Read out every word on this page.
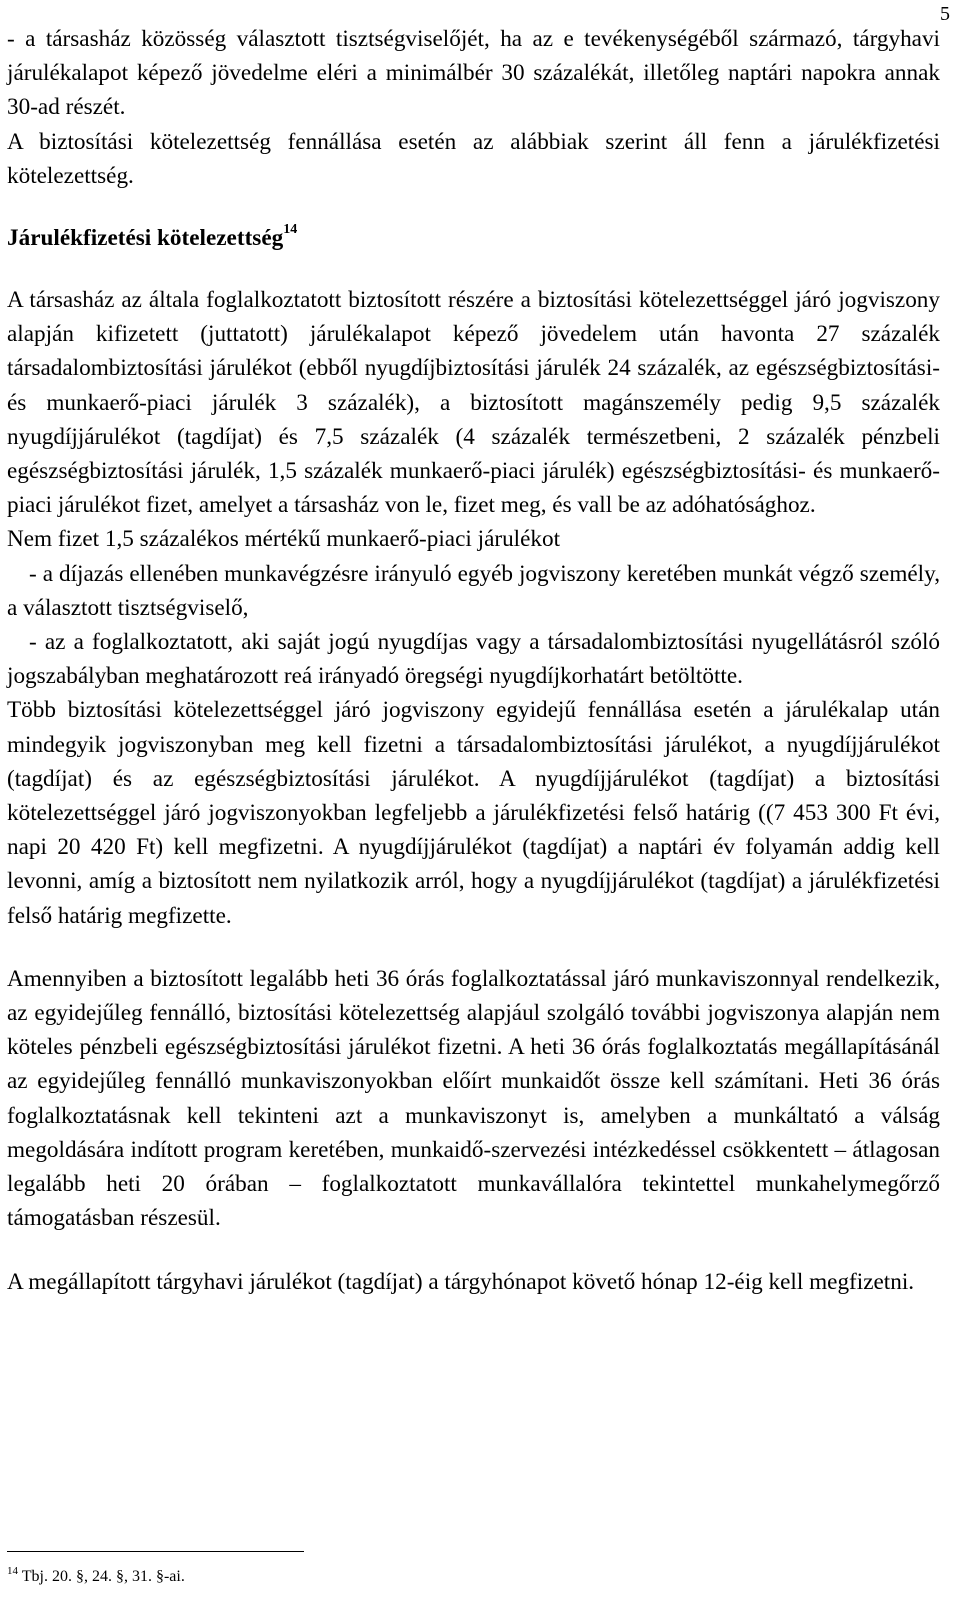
5

- a társasház közösség választott tisztségviselőjét, ha az e tevékenységéből származó, tárgyhavi járulékalapot képező jövedelme eléri a minimálbér 30 százalékát, illetőleg naptári napokra annak 30-ad részét.

A biztosítási kötelezettség fennállása esetén az alábbiak szerint áll fenn a járulékfizetési kötelezettség.

Járulékfizetési kötelezettség$^{14}$

A társasház az általa foglalkoztatott biztosított részére a biztosítási kötelezettséggel járó jogviszony alapján kifizetett (juttatott) járulékalapot képező jövedelem után havonta 27 százalék társadalombiztosítási járulékot (ebből nyugdíjbiztosítási járulék 24 százalék, az egészségbiztosítási- és munkaerő-piaci járulék 3 százalék), a biztosított magánszemély pedig 9,5 százalék nyugdíjjárulékot (tagdíjat) és 7,5 százalék (4 százalék természetbeni, 2 százalék pénzbeli egészségbiztosítási járulék, 1,5 százalék munkaerő-piaci járulék) egészségbiztosítási- és munkaerő-piaci járulékot fizet, amelyet a társasház von le, fizet meg, és vall be az adóhatósághoz.

Nem fizet 1,5 százalékos mértékű munkaerő-piaci járulékot

- a díjazás ellenében munkavégzésre irányuló egyéb jogviszony keretében munkát végző személy, a választott tisztségviselő,

- az a foglalkoztatott, aki saját jogú nyugdíjas vagy a társadalombiztosítási nyugellátásról szóló jogszabályban meghatározott reá irányadó öregségi nyugdíjkorhatárt betöltötte.

Több biztosítási kötelezettséggel járó jogviszony egyidejű fennállása esetén a járulékalap után mindegyik jogviszonyban meg kell fizetni a társadalombiztosítási járulékot, a nyugdíjjárulékot (tagdíjat) és az egészségbiztosítási járulékot. A nyugdíjjárulékot (tagdíjat) a biztosítási kötelezettséggel járó jogviszonyokban legfeljebb a járulékfizetési felső határig ((7 453 300 Ft évi, napi 20 420 Ft) kell megfizetni. A nyugdíjjárulékot (tagdíjat) a naptári év folyamán addig kell levonni, amíg a biztosított nem nyilatkozik arról, hogy a nyugdíjjárulékot (tagdíjat) a járulékfizetési felső határig megfizette.

Amennyiben a biztosított legalább heti 36 órás foglalkoztatással járó munkaviszonnyal rendelkezik, az egyidejűleg fennálló, biztosítási kötelezettség alapjául szolgáló további jogviszonya alapján nem köteles pénzbeli egészségbiztosítási járulékot fizetni. A heti 36 órás foglalkoztatás megállapításánál az egyidejűleg fennálló munkaviszonyokban előírt munkaidőt össze kell számítani. Heti 36 órás foglalkoztatásnak kell tekinteni azt a munkaviszonyt is, amelyben a munkáltató a válság megoldására indított program keretében, munkaidő-szervezési intézkedéssel csökkentett – átlagosan legalább heti 20 órában – foglalkoztatott munkavállalóra tekintettel munkahelymegőrző támogatásban részesül.

A megállapított tárgyhavi járulékot (tagdíjat) a tárgyhónapot követő hónap 12-éig kell megfizetni.

$^{14}$ Tbj. 20. §, 24. §, 31. §-ai.
